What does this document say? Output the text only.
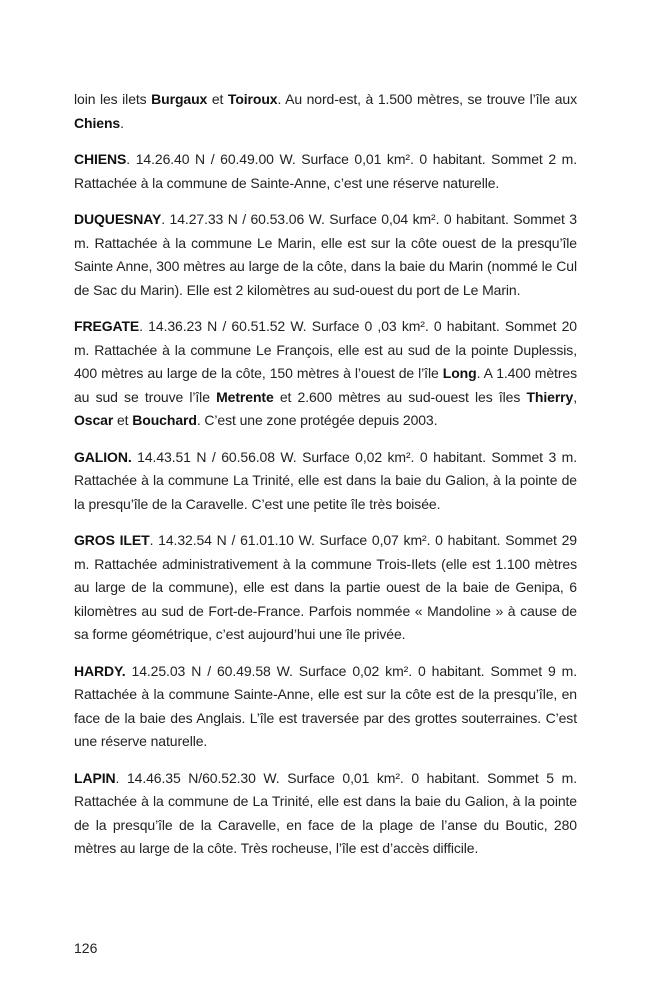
loin les ilets Burgaux et Toiroux. Au nord-est, à 1.500 mètres, se trouve l’île aux Chiens.

CHIENS. 14.26.40 N / 60.49.00 W. Surface 0,01 km². 0 habitant. Sommet 2 m. Rattachée à la commune de Sainte-Anne, c’est une réserve naturelle.

DUQUESNAY. 14.27.33 N / 60.53.06 W. Surface 0,04 km². 0 habitant. Sommet 3 m. Rattachée à la commune Le Marin, elle est sur la côte ouest de la presqu’île Sainte Anne, 300 mètres au large de la côte, dans la baie du Marin (nommé le Cul de Sac du Marin). Elle est 2 kilomètres au sud-ouest du port de Le Marin.

FREGATE. 14.36.23 N / 60.51.52 W. Surface 0 ,03 km². 0 habitant. Sommet 20 m. Rattachée à la commune Le François, elle est au sud de la pointe Duplessis, 400 mètres au large de la côte, 150 mètres à l’ouest de l’île Long. A 1.400 mètres au sud se trouve l’île Metrente et 2.600 mètres au sud-ouest les îles Thierry, Oscar et Bouchard. C’est une zone protégée depuis 2003.

GALION. 14.43.51 N / 60.56.08 W. Surface 0,02 km². 0 habitant. Sommet 3 m. Rattachée à la commune La Trinité, elle est dans la baie du Galion, à la pointe de la presqu’île de la Caravelle. C’est une petite île très boisée.

GROS ILET. 14.32.54 N / 61.01.10 W. Surface 0,07 km². 0 habitant. Sommet 29 m. Rattachée administrativement à la commune Trois-Ilets (elle est 1.100 mètres au large de la commune), elle est dans la partie ouest de la baie de Genipa, 6 kilomètres au sud de Fort-de-France. Parfois nommée « Mandoline » à cause de sa forme géométrique, c’est aujourd’hui une île privée.

HARDY. 14.25.03 N / 60.49.58 W. Surface 0,02 km². 0 habitant. Sommet 9 m. Rattachée à la commune Sainte-Anne, elle est sur la côte est de la presqu’île, en face de la baie des Anglais. L’île est traversée par des grottes souterraines. C’est une réserve naturelle.

LAPIN. 14.46.35 N/60.52.30 W. Surface 0,01 km². 0 habitant. Sommet 5 m. Rattachée à la commune de La Trinité, elle est dans la baie du Galion, à la pointe de la presqu’île de la Caravelle, en face de la plage de l’anse du Boutic, 280 mètres au large de la côte. Très rocheuse, l’île est d’accès difficile.

126
